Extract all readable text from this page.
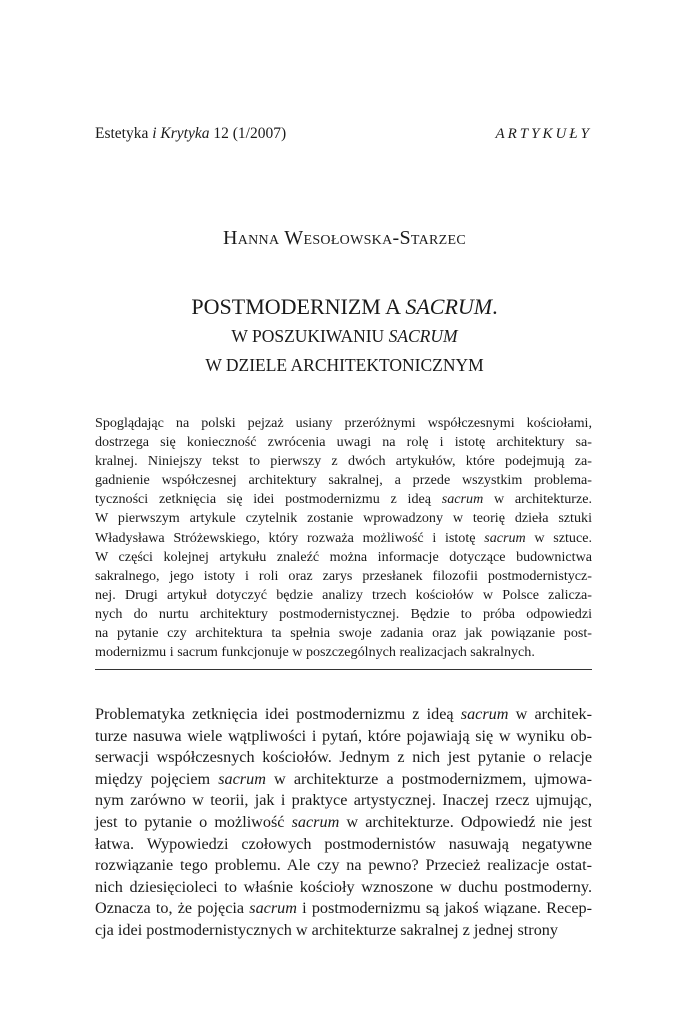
Estetyka i Krytyka 12 (1/2007)	ARTYKUŁY
Hanna Wesołowska-Starzec
POSTMODERNIZM A SACRUM.
W POSZUKIWANIU SACRUM
W DZIELE ARCHITEKTONICZNYM
Spoglądając na polski pejzaż usiany przeróżnymi współczesnymi kościołami,
dostrzega się konieczność zwrócenia uwagi na rolę i istotę architektury sa-
kralnej. Niniejszy tekst to pierwszy z dwóch artykułów, które podejmują za-
gadnienie współczesnej architektury sakralnej, a przede wszystkim problema-
tyczności zetknięcia się idei postmodernizmu z ideą sacrum w architekturze.
W pierwszym artykule czytelnik zostanie wprowadzony w teorię dzieła sztuki
Władysława Stróżewskiego, który rozważa możliwość i istotę sacrum w sztuce.
W części kolejnej artykułu znaleźć można informacje dotyczące budownictwa
sakralnego, jego istoty i roli oraz zarys przesłanek filozofii postmodernistycz-
nej. Drugi artykuł dotyczyć będzie analizy trzech kościołów w Polsce zalicza-
nych do nurtu architektury postmodernistycznej. Będzie to próba odpowiedzi
na pytanie czy architektura ta spełnia swoje zadania oraz jak powiązanie post-
modernizmu i sacrum funkcjonuje w poszczególnych realizacjach sakralnych.
Problematyka zetknięcia idei postmodernizmu z ideą sacrum w architek-
turze nasuwa wiele wątpliwości i pytań, które pojawiają się w wyniku ob-
serwacji współczesnych kościołów. Jednym z nich jest pytanie o relacje
między pojęciem sacrum w architekturze a postmodernizmem, ujmowa-
nym zarówno w teorii, jak i praktyce artystycznej. Inaczej rzecz ujmując,
jest to pytanie o możliwość sacrum w architekturze. Odpowiedź nie jest
łatwa. Wypowiedzi czołowych postmodernistów nasuwają negatywne
rozwiązanie tego problemu. Ale czy na pewno? Przecież realizacje ostat-
nich dziesięcioleci to właśnie kościoły wznoszone w duchu postmoderny.
Oznacza to, że pojęcia sacrum i postmodernizmu są jakoś wiązane. Recep-
cja idei postmodernistycznych w architekturze sakralnej z jednej strony
